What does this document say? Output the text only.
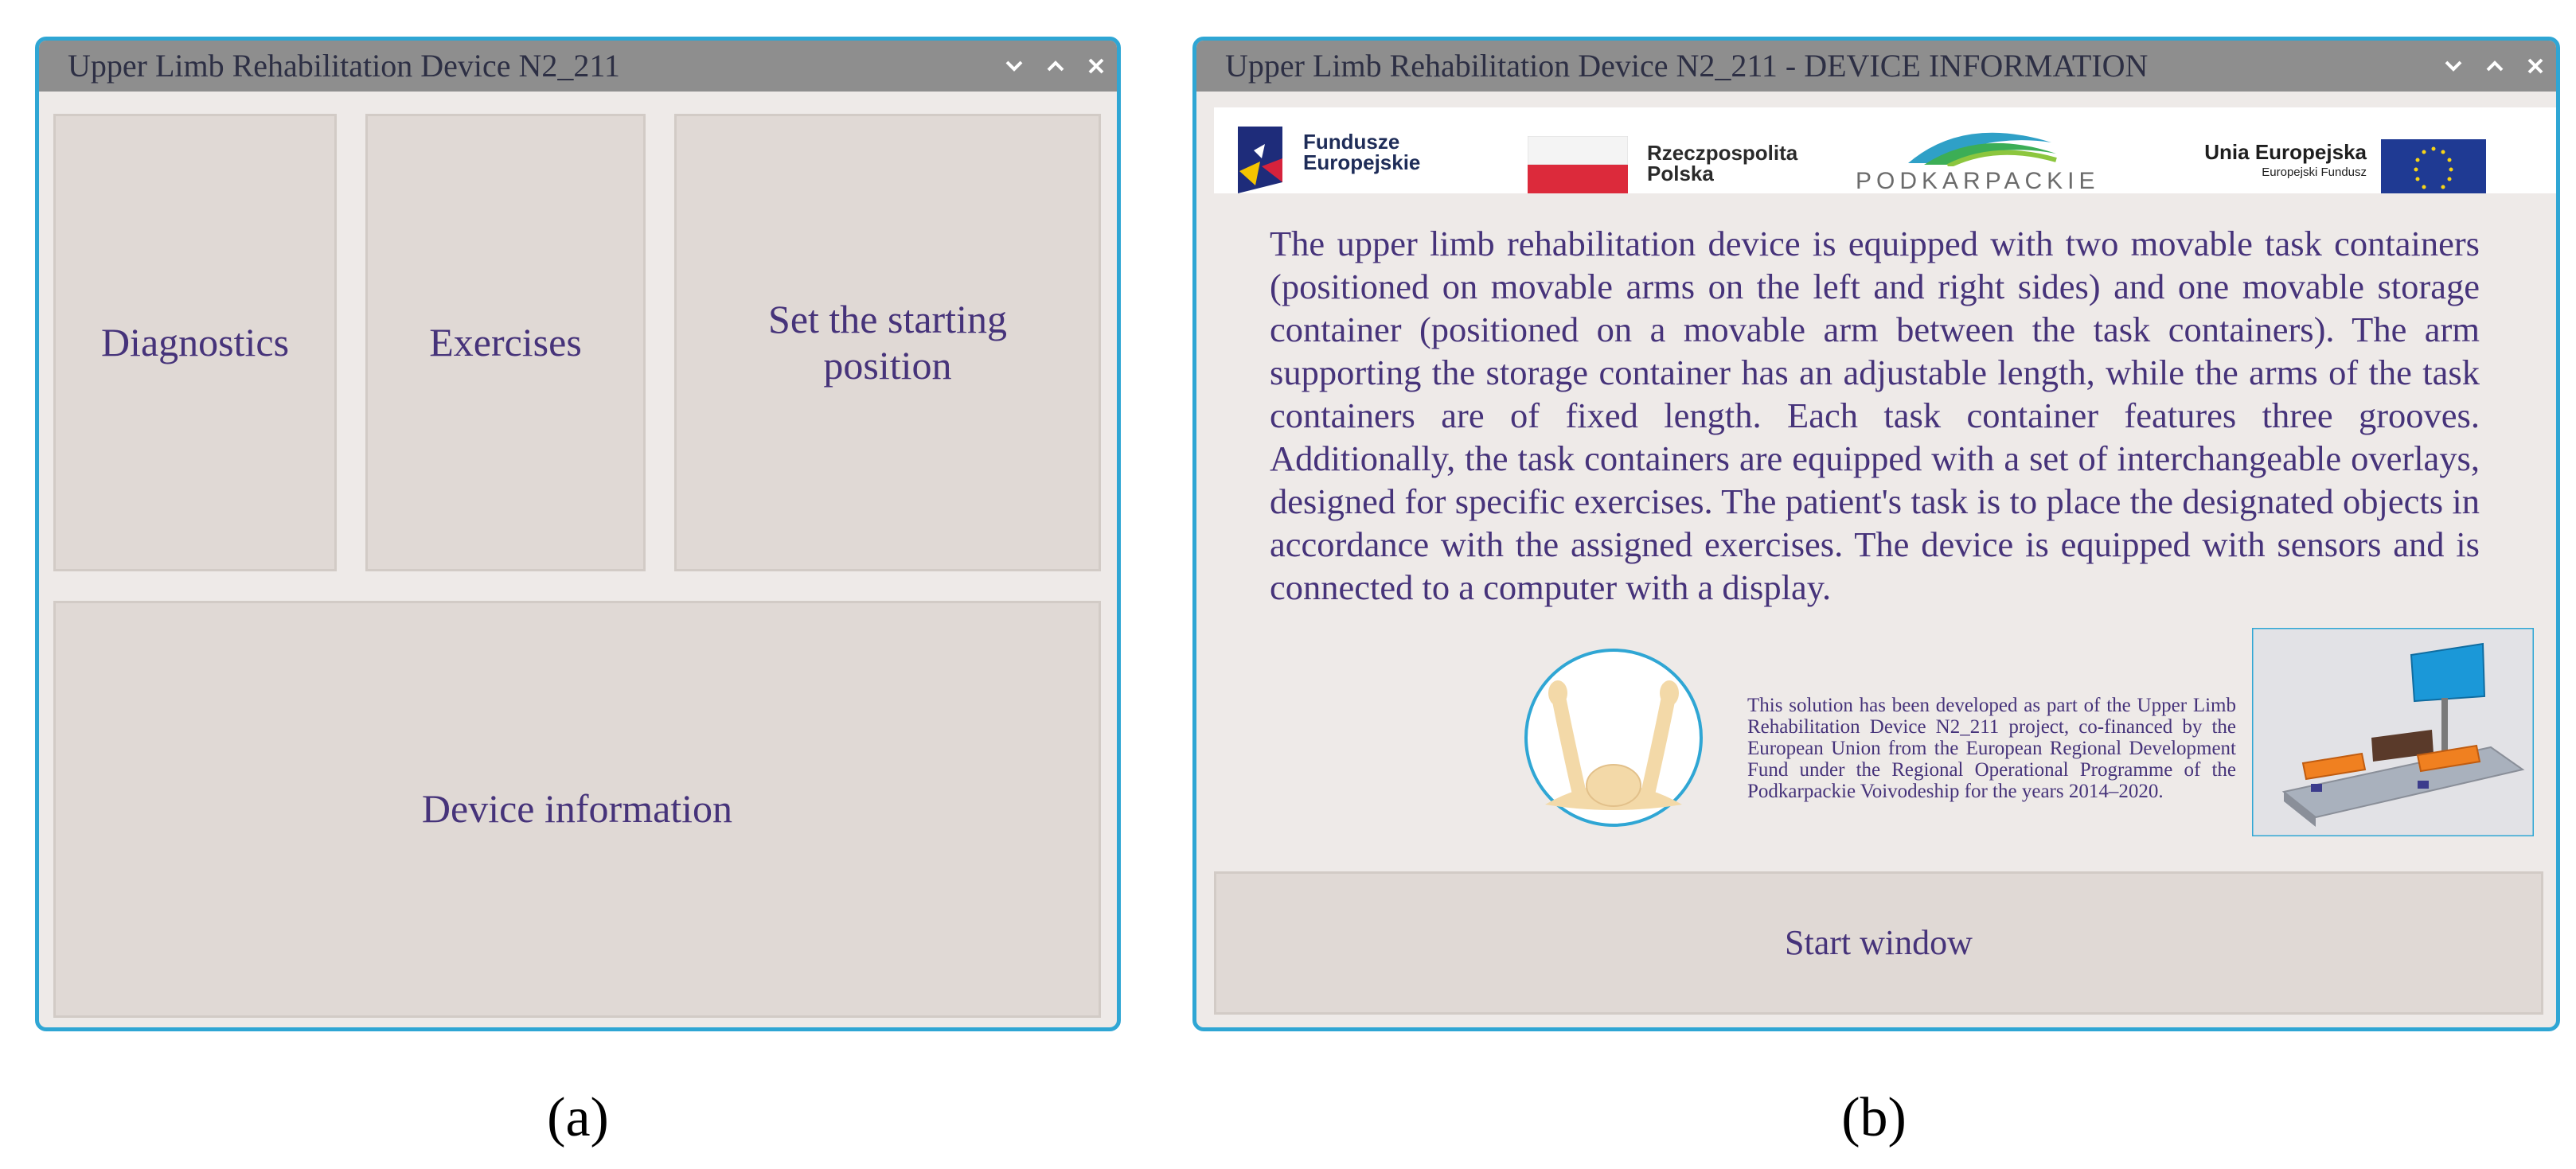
Upper Limb Rehabilitation Device N2_211
Diagnostics	Exercises
Set the starting
position
Device information
Upper Limb Rehabilitation Device N2_211 - DEVICE INFORMATION
Fundusze
Europejskie	Rzeczpospolita
Polska	PODKARPACKIE
Unia Europejska
Europejski Fundusz
The upper limb rehabilitation device is equipped with two movable task containers (positioned on movable arms on the left and right sides) and one movable storage container (positioned on a movable arm between the task containers). The arm supporting the storage container has an adjustable length, while the arms of the task containers are of fixed length. Each task container features three grooves. Additionally, the task containers are equipped with a set of interchangeable overlays, designed for specific exercises. The patient's task is to place the designated objects in accordance with the assigned exercises. The device is equipped with sensors and is connected to a computer with a display.
This solution has been developed as part of the Upper Limb Rehabilitation Device N2_211 project, co-financed by the European Union from the European Regional Development Fund under the Regional Operational Programme of the Podkarpackie Voivodeship for the years 2014–2020.
Start window
(a)	(b)
